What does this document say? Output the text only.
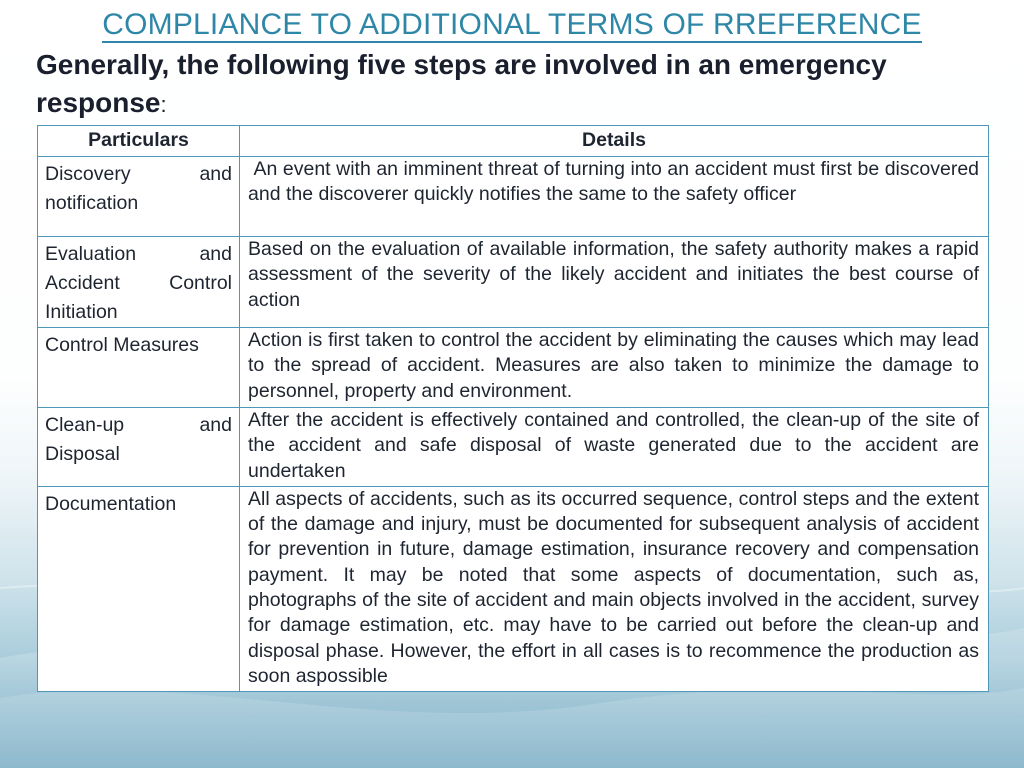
COMPLIANCE TO ADDITIONAL TERMS OF RREFERENCE
Generally, the following five steps are involved in an emergency response:
Particulars	Details
Discovery and notification	An event with an imminent threat of turning into an accident must first be discovered and the discoverer quickly notifies the same to the safety officer
Evaluation and Accident Control Initiation	Based on the evaluation of available information, the safety authority makes a rapid assessment of the severity of the likely accident and initiates the best course of action
Control Measures	Action is first taken to control the accident by eliminating the causes which may lead to the spread of accident. Measures are also taken to minimize the damage to personnel, property and environment.
Clean-up and Disposal	After the accident is effectively contained and controlled, the clean-up of the site of the accident and safe disposal of waste generated due to the accident are undertaken
Documentation	All aspects of accidents, such as its occurred sequence, control steps and the extent of the damage and injury, must be documented for subsequent analysis of accident for prevention in future, damage estimation, insurance recovery and compensation payment. It may be noted that some aspects of documentation, such as, photographs of the site of accident and main objects involved in the accident, survey for damage estimation, etc. may have to be carried out before the clean-up and disposal phase. However, the effort in all cases is to recommence the production as soon aspossible
